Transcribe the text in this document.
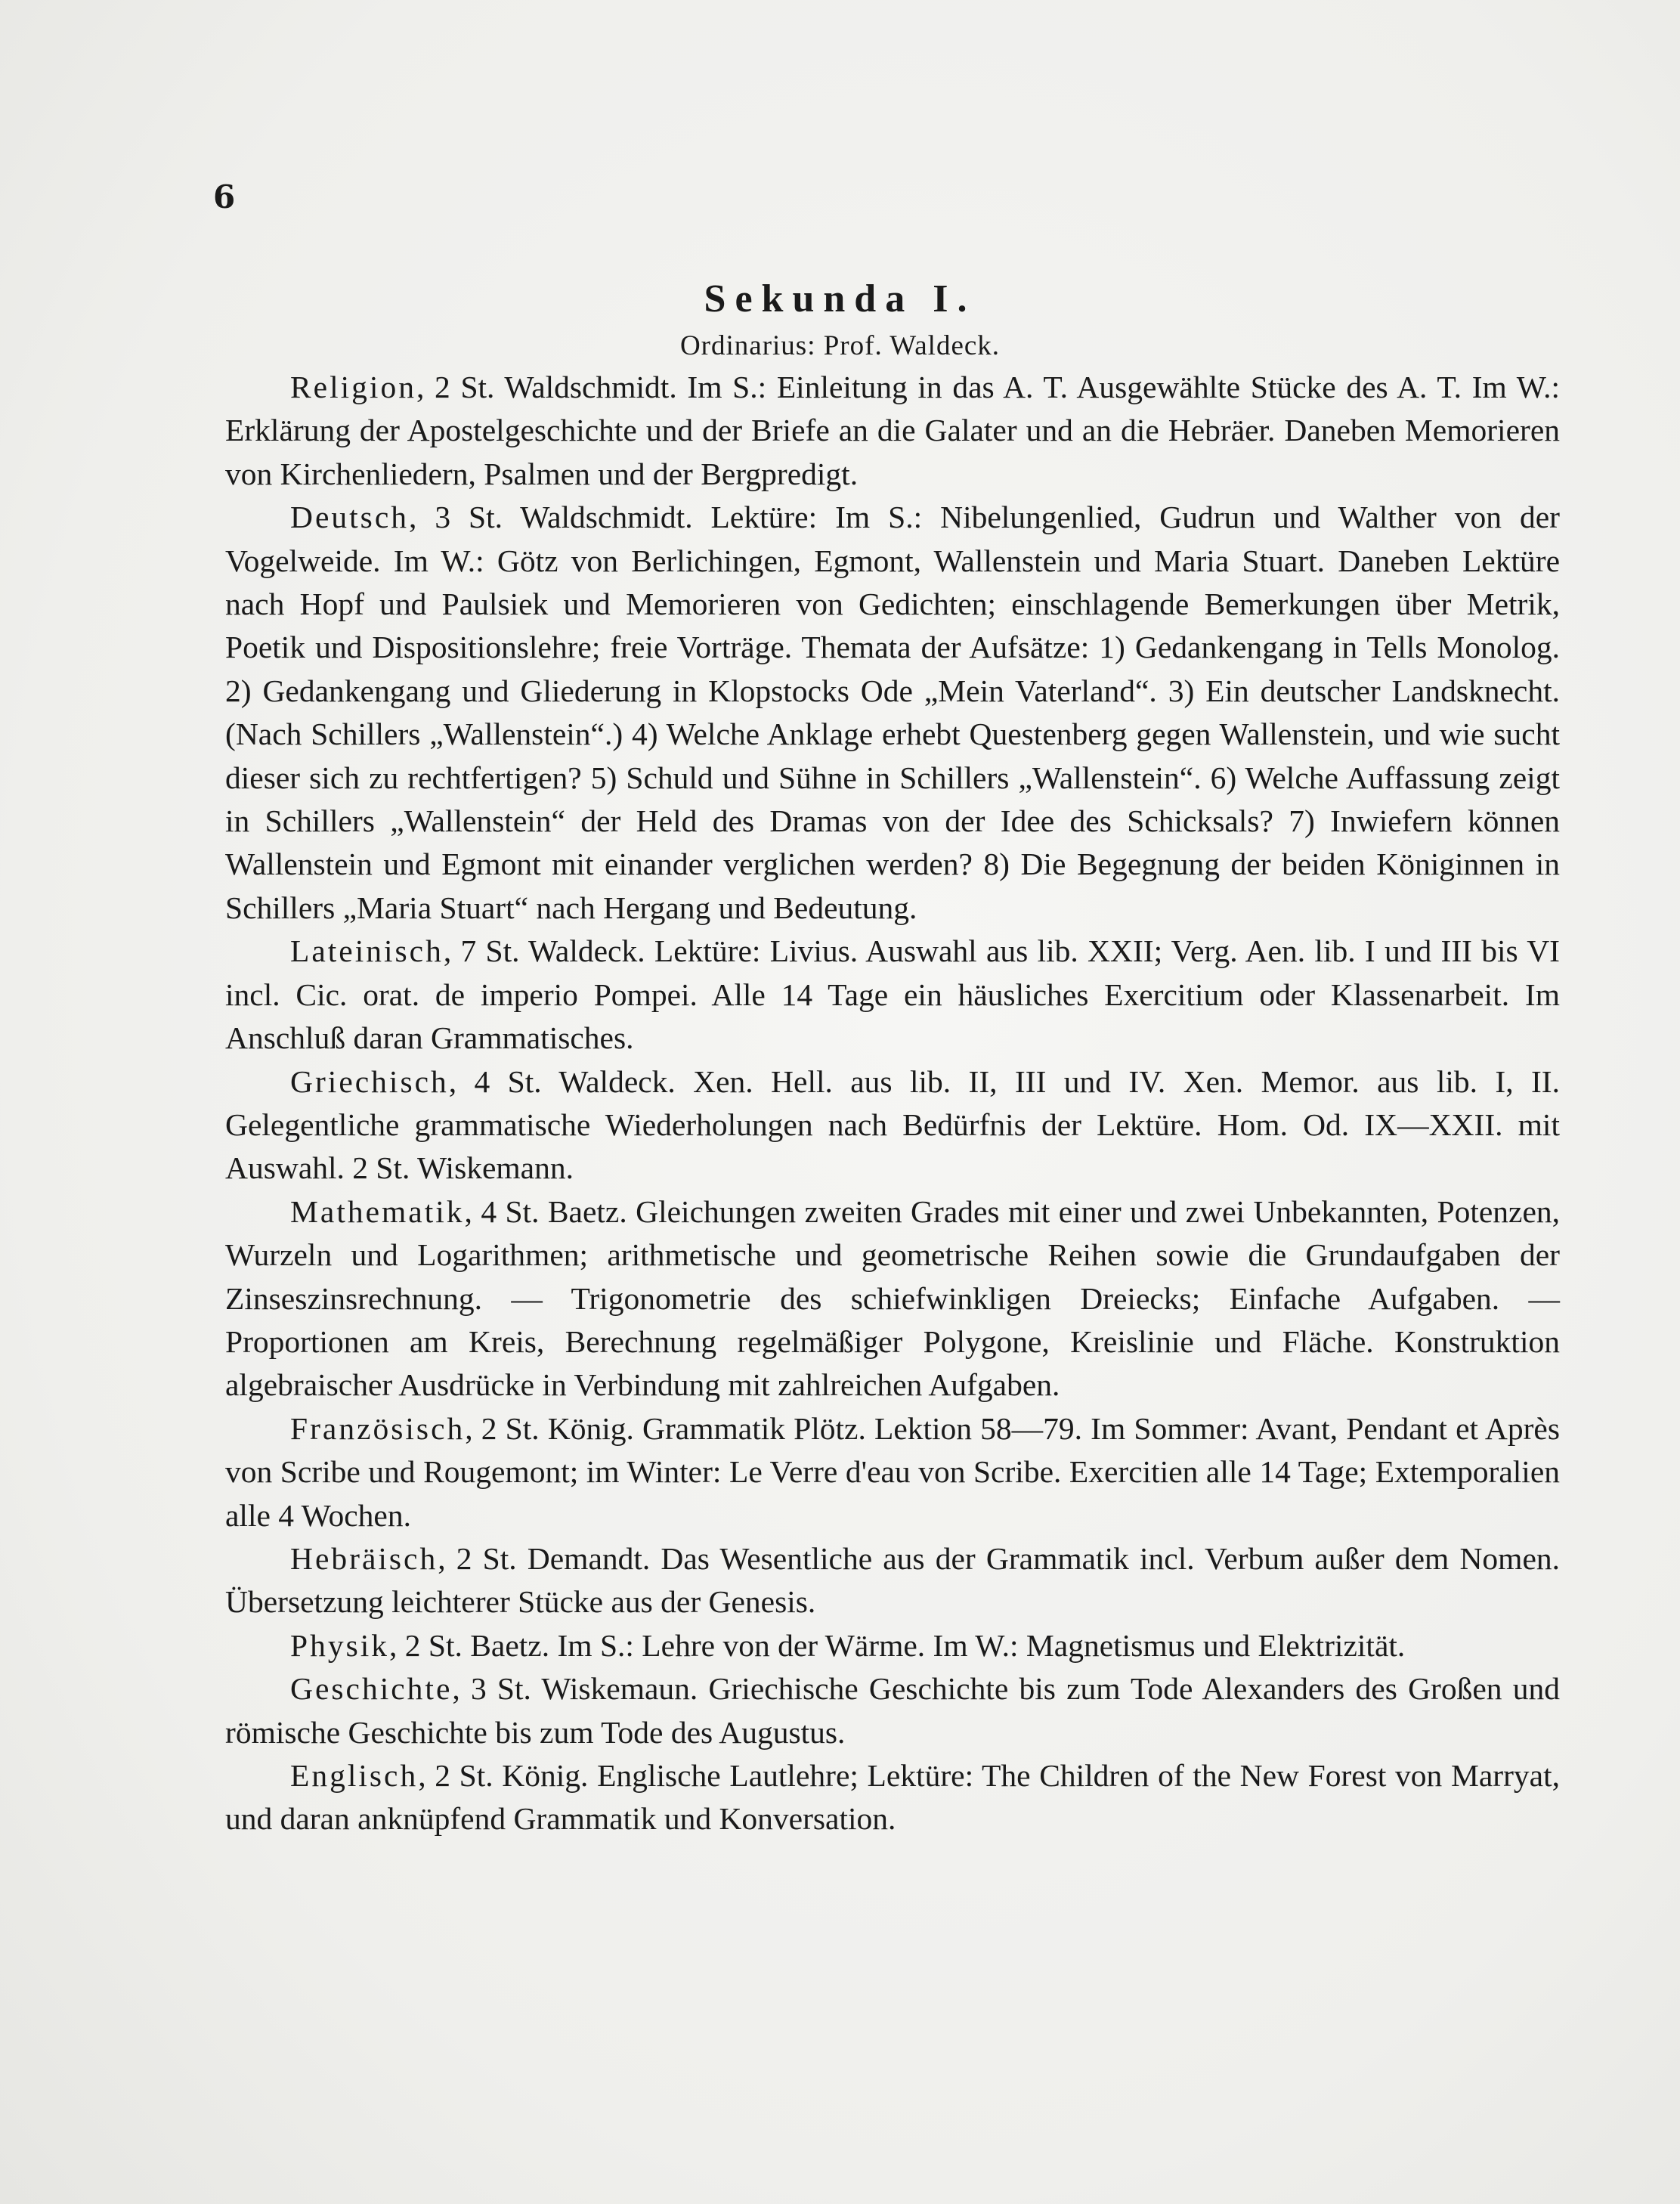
6
Sekunda I.
Ordinarius: Prof. Waldeck.

Religion, 2 St. Waldschmidt. Im S.: Einleitung in das A. T. Ausgewählte Stücke des A. T. Im W.: Erklärung der Apostelgeschichte und der Briefe an die Galater und an die Hebräer. Daneben Memorieren von Kirchenliedern, Psalmen und der Bergpredigt.

Deutsch, 3 St. Waldschmidt. Lektüre: Im S.: Nibelungenlied, Gudrun und Walther von der Vogelweide. Im W.: Götz von Berlichingen, Egmont, Wallenstein und Maria Stuart. Daneben Lektüre nach Hopf und Paulsiek und Memorieren von Gedichten; einschlagende Bemerkungen über Metrik, Poetik und Dispositionslehre; freie Vorträge. Themata der Aufsätze: 1) Gedankengang in Tells Monolog. 2) Gedankengang und Gliederung in Klopstocks Ode „Mein Vaterland“. 3) Ein deutscher Landsknecht. (Nach Schillers „Wallenstein“.) 4) Welche Anklage erhebt Questenberg gegen Wallenstein, und wie sucht dieser sich zu rechtfertigen? 5) Schuld und Sühne in Schillers „Wallenstein“. 6) Welche Auffassung zeigt in Schillers „Wallenstein“ der Held des Dramas von der Idee des Schicksals? 7) Inwiefern können Wallenstein und Egmont mit einander verglichen werden? 8) Die Begegnung der beiden Königinnen in Schillers „Maria Stuart“ nach Hergang und Bedeutung.

Lateinisch, 7 St. Waldeck. Lektüre: Livius. Auswahl aus lib. XXII; Verg. Aen. lib. I und III bis VI incl. Cic. orat. de imperio Pompei. Alle 14 Tage ein häusliches Exercitium oder Klassenarbeit. Im Anschluß daran Grammatisches.

Griechisch, 4 St. Waldeck. Xen. Hell. aus lib. II, III und IV. Xen. Memor. aus lib. I, II. Gelegentliche grammatische Wiederholungen nach Bedürfnis der Lektüre. Hom. Od. IX—XXII. mit Auswahl. 2 St. Wiskemann.

Mathematik, 4 St. Baetz. Gleichungen zweiten Grades mit einer und zwei Unbekannten, Potenzen, Wurzeln und Logarithmen; arithmetische und geometrische Reihen sowie die Grundaufgaben der Zinseszinsrechnung. — Trigonometrie des schiefwinkligen Dreiecks; Einfache Aufgaben. — Proportionen am Kreis, Berechnung regelmäßiger Polygone, Kreislinie und Fläche. Konstruktion algebraischer Ausdrücke in Verbindung mit zahlreichen Aufgaben.

Französisch, 2 St. König. Grammatik Plötz. Lektion 58—79. Im Sommer: Avant, Pendant et Après von Scribe und Rougemont; im Winter: Le Verre d'eau von Scribe. Exercitien alle 14 Tage; Extemporalien alle 4 Wochen.

Hebräisch, 2 St. Demandt. Das Wesentliche aus der Grammatik incl. Verbum außer dem Nomen. Übersetzung leichterer Stücke aus der Genesis.

Physik, 2 St. Baetz. Im S.: Lehre von der Wärme. Im W.: Magnetismus und Elektrizität.

Geschichte, 3 St. Wiskemaun. Griechische Geschichte bis zum Tode Alexanders des Großen und römische Geschichte bis zum Tode des Augustus.

Englisch, 2 St. König. Englische Lautlehre; Lektüre: The Children of the New Forest von Marryat, und daran anknüpfend Grammatik und Konversation.
